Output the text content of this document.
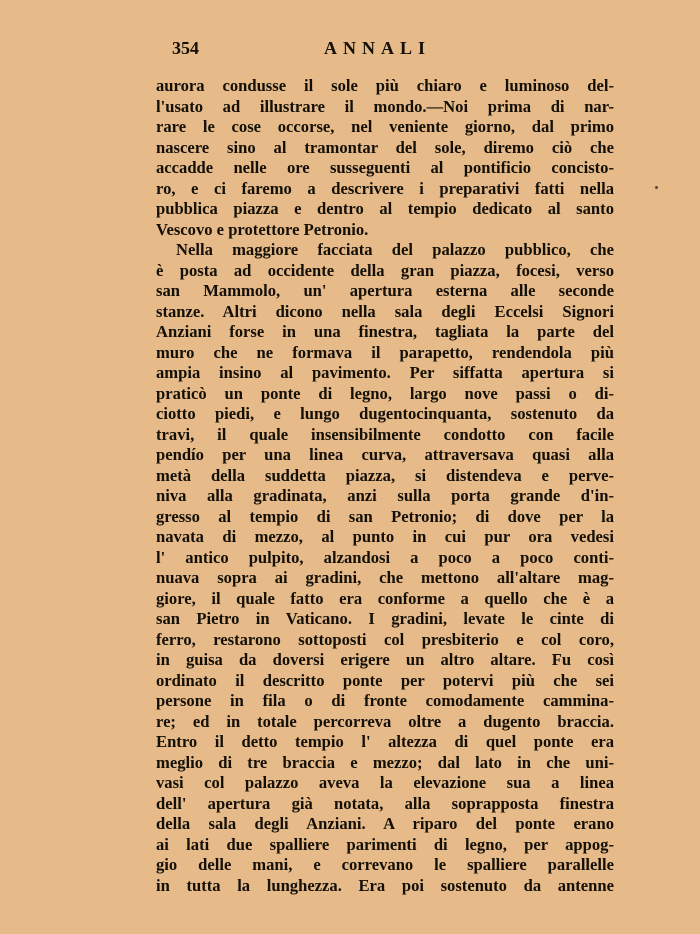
354	ANNALI
aurora condusse il sole più chiaro e luminoso del-
l'usato ad illustrare il mondo.—Noi prima di nar-
rare le cose occorse, nel veniente giorno, dal primo
nascere sino al tramontar del sole, diremo ciò che
accadde nelle ore susseguenti al pontificio concisto-
ro, e ci faremo a descrivere i preparativi fatti nella
pubblica piazza e dentro al tempio dedicato al santo
Vescovo e protettore Petronio.
Nella maggiore facciata del palazzo pubblico, che
è posta ad occidente della gran piazza, focesi, verso
san Mammolo, un' apertura esterna alle seconde
stanze. Altri dicono nella sala degli Eccelsi Signori
Anziani forse in una finestra, tagliata la parte del
muro che ne formava il parapetto, rendendola più
ampia insino al pavimento. Per siffatta apertura si
praticò un ponte di legno, largo nove passi o di-
ciotto piedi, e lungo dugentocinquanta, sostenuto da
travi, il quale insensibilmente condotto con facile
pendío per una linea curva, attraversava quasi alla
metà della suddetta piazza, si distendeva e perve-
niva alla gradinata, anzi sulla porta grande d'in-
gresso al tempio di san Petronio; di dove per la
navata di mezzo, al punto in cui pur ora vedesi
l' antico pulpito, alzandosi a poco a poco conti-
nuava sopra ai gradini, che mettono all'altare mag-
giore, il quale fatto era conforme a quello che è a
san Pietro in Vaticano. I gradini, levate le cinte di
ferro, restarono sottoposti col presbiterio e col coro,
in guisa da doversi erigere un altro altare. Fu così
ordinato il descritto ponte per potervi più che sei
persone in fila o di fronte comodamente cammina-
re; ed in totale percorreva oltre a dugento braccia.
Entro il detto tempio l' altezza di quel ponte era
meglio di tre braccia e mezzo; dal lato in che uni-
vasi col palazzo aveva la elevazione sua a linea
dell' apertura già notata, alla soprapposta finestra
della sala degli Anziani. A riparo del ponte erano
ai lati due spalliere parimenti di legno, per appog-
gio delle mani, e correvano le spalliere parallelle
in tutta la lunghezza. Era poi sostenuto da antenne
